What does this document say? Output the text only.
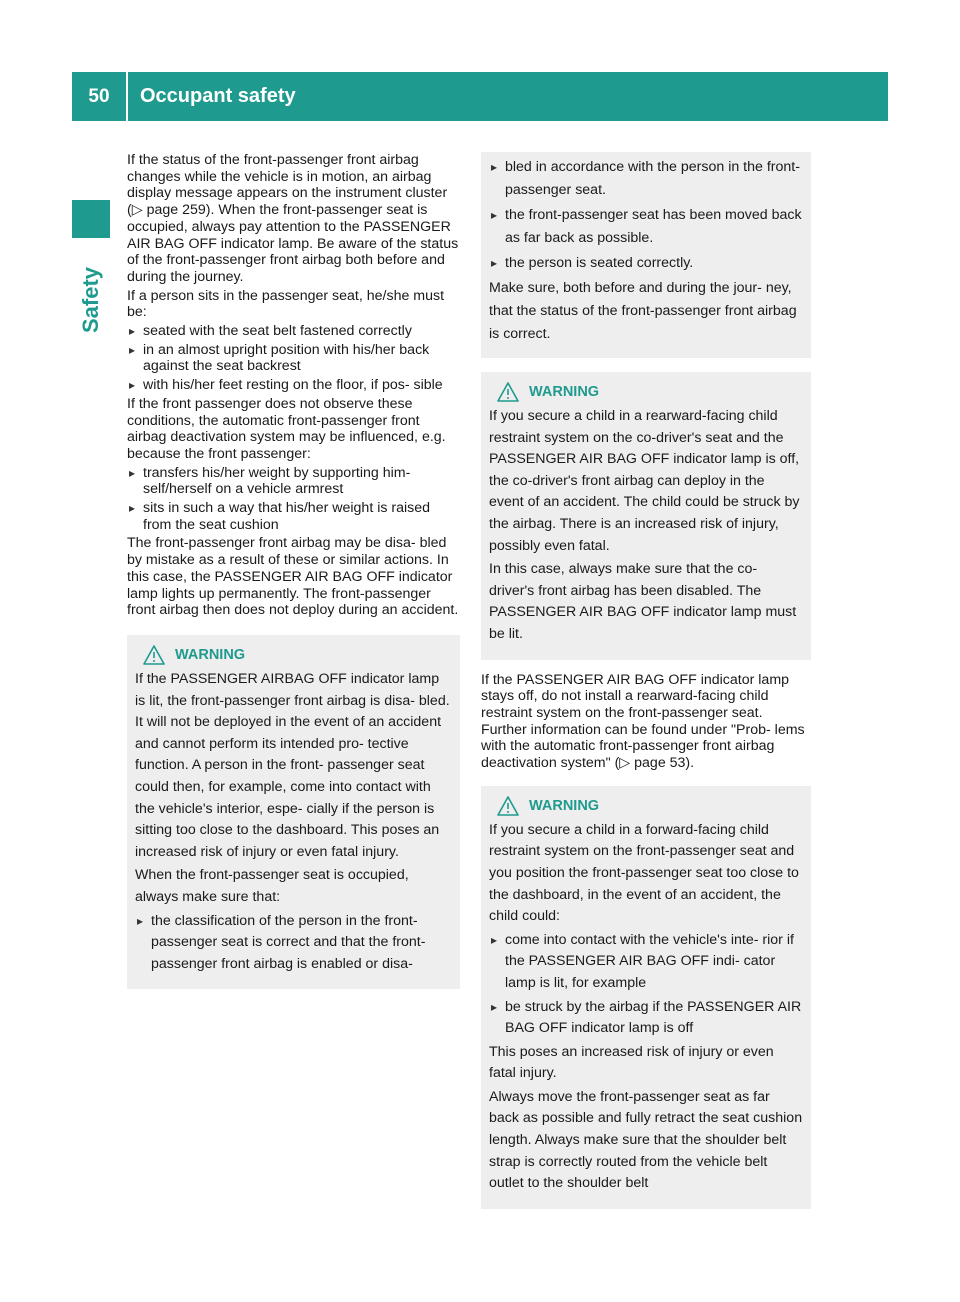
50	Occupant safety
Safety

If the status of the front-passenger front airbag changes while the vehicle is in motion, an airbag display message appears on the instrument cluster (▷ page 259). When the front-passenger seat is occupied, always pay attention to the PASSENGER AIR BAG OFF indicator lamp. Be aware of the status of the front-passenger front airbag both before and during the journey.

If a person sits in the passenger seat, he/she must be:

▸ seated with the seat belt fastened correctly
▸ in an almost upright position with his/her back against the seat backrest
▸ with his/her feet resting on the floor, if pos- sible

If the front passenger does not observe these conditions, the automatic front-passenger front airbag deactivation system may be influenced, e.g. because the front passenger:

▸ transfers his/her weight by supporting him- self/herself on a vehicle armrest
▸ sits in such a way that his/her weight is raised from the seat cushion

The front-passenger front airbag may be disa- bled by mistake as a result of these or similar actions. In this case, the PASSENGER AIR BAG OFF indicator lamp lights up permanently. The front-passenger front airbag then does not deploy during an accident.

WARNING

If the PASSENGER AIRBAG OFF indicator lamp is lit, the front-passenger front airbag is disa- bled. It will not be deployed in the event of an accident and cannot perform its intended pro- tective function. A person in the front- passenger seat could then, for example, come into contact with the vehicle's interior, espe- cially if the person is sitting too close to the dashboard. This poses an increased risk of injury or even fatal injury.

When the front-passenger seat is occupied, always make sure that:

▸ the classification of the person in the front- passenger seat is correct and that the front- passenger front airbag is enabled or disa-
▸ bled in accordance with the person in the front-passenger seat.
▸ the front-passenger seat has been moved back as far back as possible.
▸ the person is seated correctly.

Make sure, both before and during the jour- ney, that the status of the front-passenger front airbag is correct.

WARNING

If you secure a child in a rearward-facing child restraint system on the co-driver's seat and the PASSENGER AIR BAG OFF indicator lamp is off, the co-driver's front airbag can deploy in the event of an accident. The child could be struck by the airbag. There is an increased risk of injury, possibly even fatal.

In this case, always make sure that the co- driver's front airbag has been disabled. The PASSENGER AIR BAG OFF indicator lamp must be lit.

If the PASSENGER AIR BAG OFF indicator lamp stays off, do not install a rearward-facing child restraint system on the front-passenger seat. Further information can be found under "Prob- lems with the automatic front-passenger front airbag deactivation system" (▷ page 53).

WARNING

If you secure a child in a forward-facing child restraint system on the front-passenger seat and you position the front-passenger seat too close to the dashboard, in the event of an accident, the child could:

▸ come into contact with the vehicle's inte- rior if the PASSENGER AIR BAG OFF indi- cator lamp is lit, for example
▸ be struck by the airbag if the PASSENGER AIR BAG OFF indicator lamp is off

This poses an increased risk of injury or even fatal injury.

Always move the front-passenger seat as far back as possible and fully retract the seat cushion length. Always make sure that the shoulder belt strap is correctly routed from the vehicle belt outlet to the shoulder belt
